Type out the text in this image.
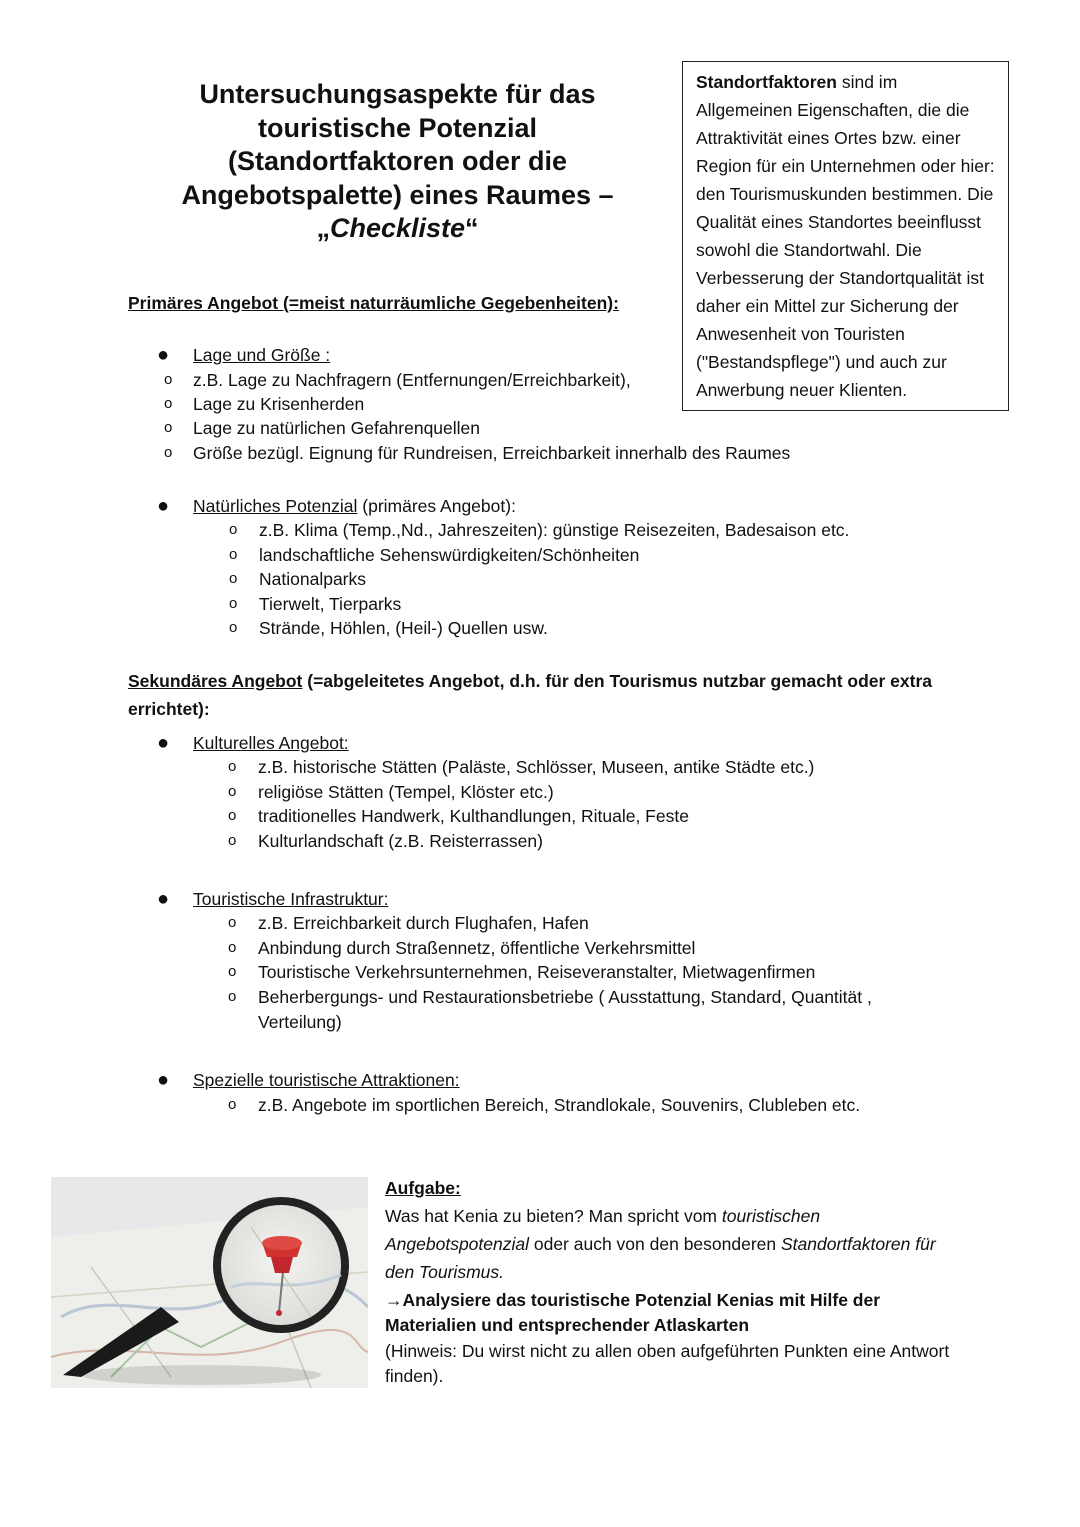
Untersuchungsaspekte für das
touristische Potenzial
(Standortfaktoren oder die
Angebotspalette) eines Raumes –
„Checkliste“
Standortfaktoren sind im Allgemeinen Eigenschaften, die die Attraktivität eines Ortes bzw. einer Region für ein Unternehmen oder hier: den Tourismuskunden bestimmen. Die Qualität eines Standortes beeinflusst sowohl die Standortwahl. Die Verbesserung der Standortqualität ist daher ein Mittel zur Sicherung der Anwesenheit von Touristen ("Bestandspflege") und auch zur Anwerbung neuer Klienten.
Primäres Angebot (=meist naturräumliche Gegebenheiten):
● Lage und Größe :
o z.B. Lage zu Nachfragern (Entfernungen/Erreichbarkeit),
o Lage zu Krisenherden
o Lage zu natürlichen Gefahrenquellen
o Größe bezügl. Eignung für Rundreisen, Erreichbarkeit innerhalb des Raumes
● Natürliches Potenzial (primäres Angebot):
o z.B. Klima (Temp.,Nd., Jahreszeiten): günstige Reisezeiten, Badesaison etc.
o landschaftliche Sehenswürdigkeiten/Schönheiten
o Nationalparks
o Tierwelt, Tierparks
o Strände, Höhlen, (Heil-) Quellen usw.
Sekundäres Angebot (=abgeleitetes Angebot, d.h. für den Tourismus nutzbar gemacht oder extra
errichtet):
● Kulturelles Angebot:
o z.B. historische Stätten (Paläste, Schlösser, Museen, antike Städte etc.)
o religiöse Stätten (Tempel, Klöster etc.)
o traditionelles Handwerk, Kulthandlungen, Rituale, Feste
o Kulturlandschaft (z.B. Reisterrassen)
● Touristische Infrastruktur:
o z.B. Erreichbarkeit durch Flughafen, Hafen
o Anbindung durch Straßennetz, öffentliche Verkehrsmittel
o Touristische Verkehrsunternehmen, Reiseveranstalter, Mietwagenfirmen
o Beherbergungs- und Restaurationsbetriebe ( Ausstattung, Standard, Quantität , Verteilung)
● Spezielle touristische Attraktionen:
o z.B. Angebote im sportlichen Bereich, Strandlokale, Souvenirs, Clubleben etc.
Aufgabe:
Was hat Kenia zu bieten? Man spricht vom touristischen Angebotspotenzial oder auch von den besonderen Standortfaktoren für den Tourismus.
→Analysiere das touristische Potenzial Kenias mit Hilfe der Materialien und entsprechender Atlaskarten
(Hinweis: Du wirst nicht zu allen oben aufgeführten Punkten eine Antwort finden).
